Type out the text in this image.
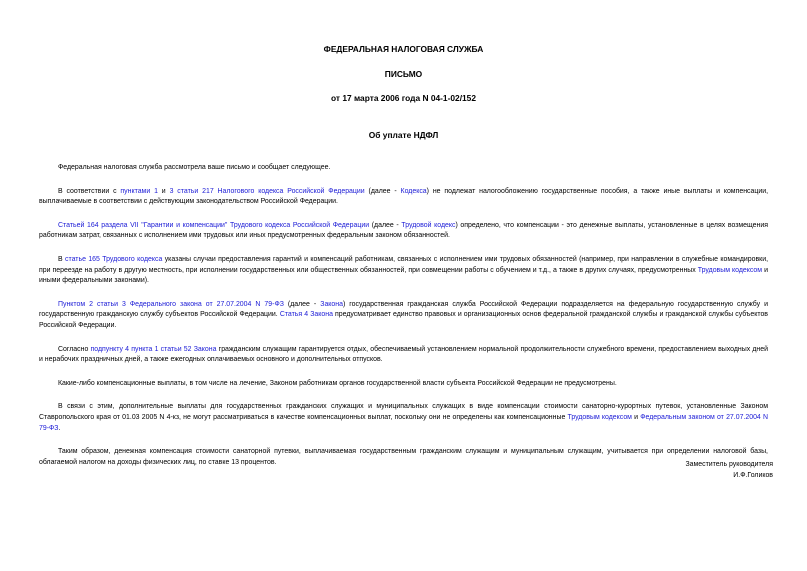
ФЕДЕРАЛЬНАЯ НАЛОГОВАЯ СЛУЖБА

ПИСЬМО

от 17 марта 2006 года N 04-1-02/152

Об уплате НДФЛ

Федеральная налоговая служба рассмотрела ваше письмо и сообщает следующее.

В соответствии с пунктами 1 и 3 статьи 217 Налогового кодекса Российской Федерации (далее - Кодекса) не подлежат налогообложению государственные пособия, а также иные выплаты и компенсации, выплачиваемые в соответствии с действующим законодательством Российской Федерации.

Статьей 164 раздела VII "Гарантии и компенсации" Трудового кодекса Российской Федерации (далее - Трудовой кодекс) определено, что компенсации - это денежные выплаты, установленные в целях возмещения работникам затрат, связанных с исполнением ими трудовых или иных предусмотренных федеральным законом обязанностей.

В статье 165 Трудового кодекса указаны случаи предоставления гарантий и компенсаций работникам, связанных с исполнением ими трудовых обязанностей (например, при направлении в служебные командировки, при переезде на работу в другую местность, при исполнении государственных или общественных обязанностей, при совмещении работы с обучением и т.д., а также в других случаях, предусмотренных Трудовым кодексом и иными федеральными законами).

Пунктом 2 статьи 3 Федерального закона от 27.07.2004 N 79-ФЗ (далее - Закона) государственная гражданская служба Российской Федерации подразделяется на федеральную государственную службу и государственную гражданскую службу субъектов Российской Федерации. Статья 4 Закона предусматривает единство правовых и организационных основ федеральной гражданской службы и гражданской службы субъектов Российской Федерации.

Согласно подпункту 4 пункта 1 статьи 52 Закона гражданским служащим гарантируется отдых, обеспечиваемый установлением нормальной продолжительности служебного времени, предоставлением выходных дней и нерабочих праздничных дней, а также ежегодных оплачиваемых основного и дополнительных отпусков.

Какие-либо компенсационные выплаты, в том числе на лечение, Законом работникам органов государственной власти субъекта Российской Федерации не предусмотрены.

В связи с этим, дополнительные выплаты для государственных гражданских служащих и муниципальных служащих в виде компенсации стоимости санаторно-курортных путевок, установленные Законом Ставропольского края от 01.03 2005 N 4-кз, не могут рассматриваться в качестве компенсационных выплат, поскольку они не определены как компенсационные Трудовым кодексом и Федеральным законом от 27.07.2004 N 79-ФЗ.

Таким образом, денежная компенсация стоимости санаторной путевки, выплачиваемая государственным гражданским служащим и муниципальным служащим, учитывается при определении налоговой базы, облагаемой налогом на доходы физических лиц, по ставке 13 процентов.	Заместитель руководителя
И.Ф.Голиков
